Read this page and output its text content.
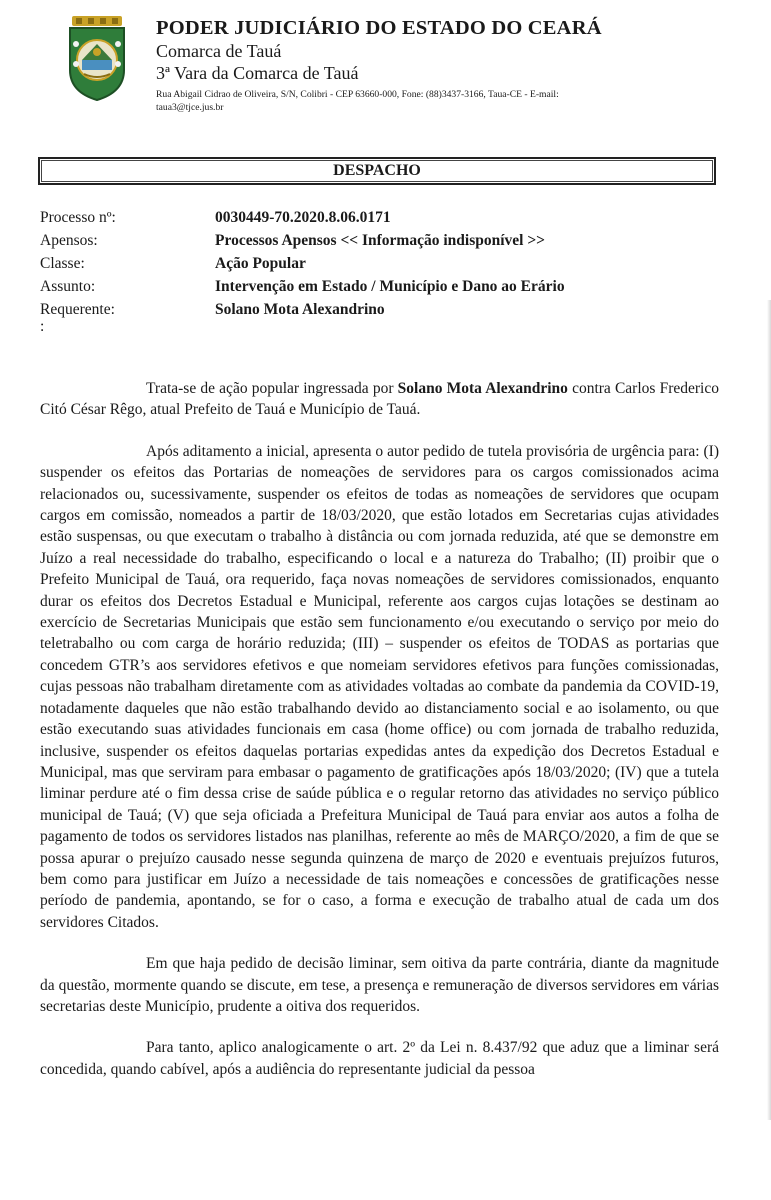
PODER JUDICIÁRIO DO ESTADO DO CEARÁ
Comarca de Tauá
3ª Vara da Comarca de Tauá
Rua Abigail Cidrao de Oliveira, S/N, Colibri - CEP 63660-000, Fone: (88)3437-3166, Taua-CE - E-mail:
taua3@tjce.jus.br
DESPACHO
Processo nº:	0030449-70.2020.8.06.0171
Apensos:	Processos Apensos << Informação indisponível >>
Classe:	Ação Popular
Assunto:	Intervenção em Estado / Município e Dano ao Erário
Requerente:	Solano Mota Alexandrino
:

Trata-se de ação popular ingressada por Solano Mota Alexandrino contra Carlos Frederico Citó César Rêgo, atual Prefeito de Tauá e Município de Tauá.

Após aditamento a inicial, apresenta o autor pedido de tutela provisória de urgência para: (I) suspender os efeitos das Portarias de nomeações de servidores para os cargos comissionados acima relacionados ou, sucessivamente, suspender os efeitos de todas as nomeações de servidores que ocupam cargos em comissão, nomeados a partir de 18/03/2020, que estão lotados em Secretarias cujas atividades estão suspensas, ou que executam o trabalho à distância ou com jornada reduzida, até que se demonstre em Juízo a real necessidade do trabalho, especificando o local e a natureza do Trabalho; (II) proibir que o Prefeito Municipal de Tauá, ora requerido, faça novas nomeações de servidores comissionados, enquanto durar os efeitos dos Decretos Estadual e Municipal, referente aos cargos cujas lotações se destinam ao exercício de Secretarias Municipais que estão sem funcionamento e/ou executando o serviço por meio do teletrabalho ou com carga de horário reduzida; (III) – suspender os efeitos de TODAS as portarias que concedem GTR’s aos servidores efetivos e que nomeiam servidores efetivos para funções comissionadas, cujas pessoas não trabalham diretamente com as atividades voltadas ao combate da pandemia da COVID-19, notadamente daqueles que não estão trabalhando devido ao distanciamento social e ao isolamento, ou que estão executando suas atividades funcionais em casa (home office) ou com jornada de trabalho reduzida, inclusive, suspender os efeitos daquelas portarias expedidas antes da expedição dos Decretos Estadual e Municipal, mas que serviram para embasar o pagamento de gratificações após 18/03/2020; (IV) que a tutela liminar perdure até o fim dessa crise de saúde pública e o regular retorno das atividades no serviço público municipal de Tauá; (V) que seja oficiada a Prefeitura Municipal de Tauá para enviar aos autos a folha de pagamento de todos os servidores listados nas planilhas, referente ao mês de MARÇO/2020, a fim de que se possa apurar o prejuízo causado nesse segunda quinzena de março de 2020 e eventuais prejuízos futuros, bem como para justificar em Juízo a necessidade de tais nomeações e concessões de gratificações nesse período de pandemia, apontando, se for o caso, a forma e execução de trabalho atual de cada um dos servidores Citados.

Em que haja pedido de decisão liminar, sem oitiva da parte contrária, diante da magnitude da questão, mormente quando se discute, em tese, a presença e remuneração de diversos servidores em várias secretarias deste Município, prudente a oitiva dos requeridos.

Para tanto, aplico analogicamente o art. 2º da Lei n. 8.437/92 que aduz que a liminar será concedida, quando cabível, após a audiência do representante judicial da pessoa
